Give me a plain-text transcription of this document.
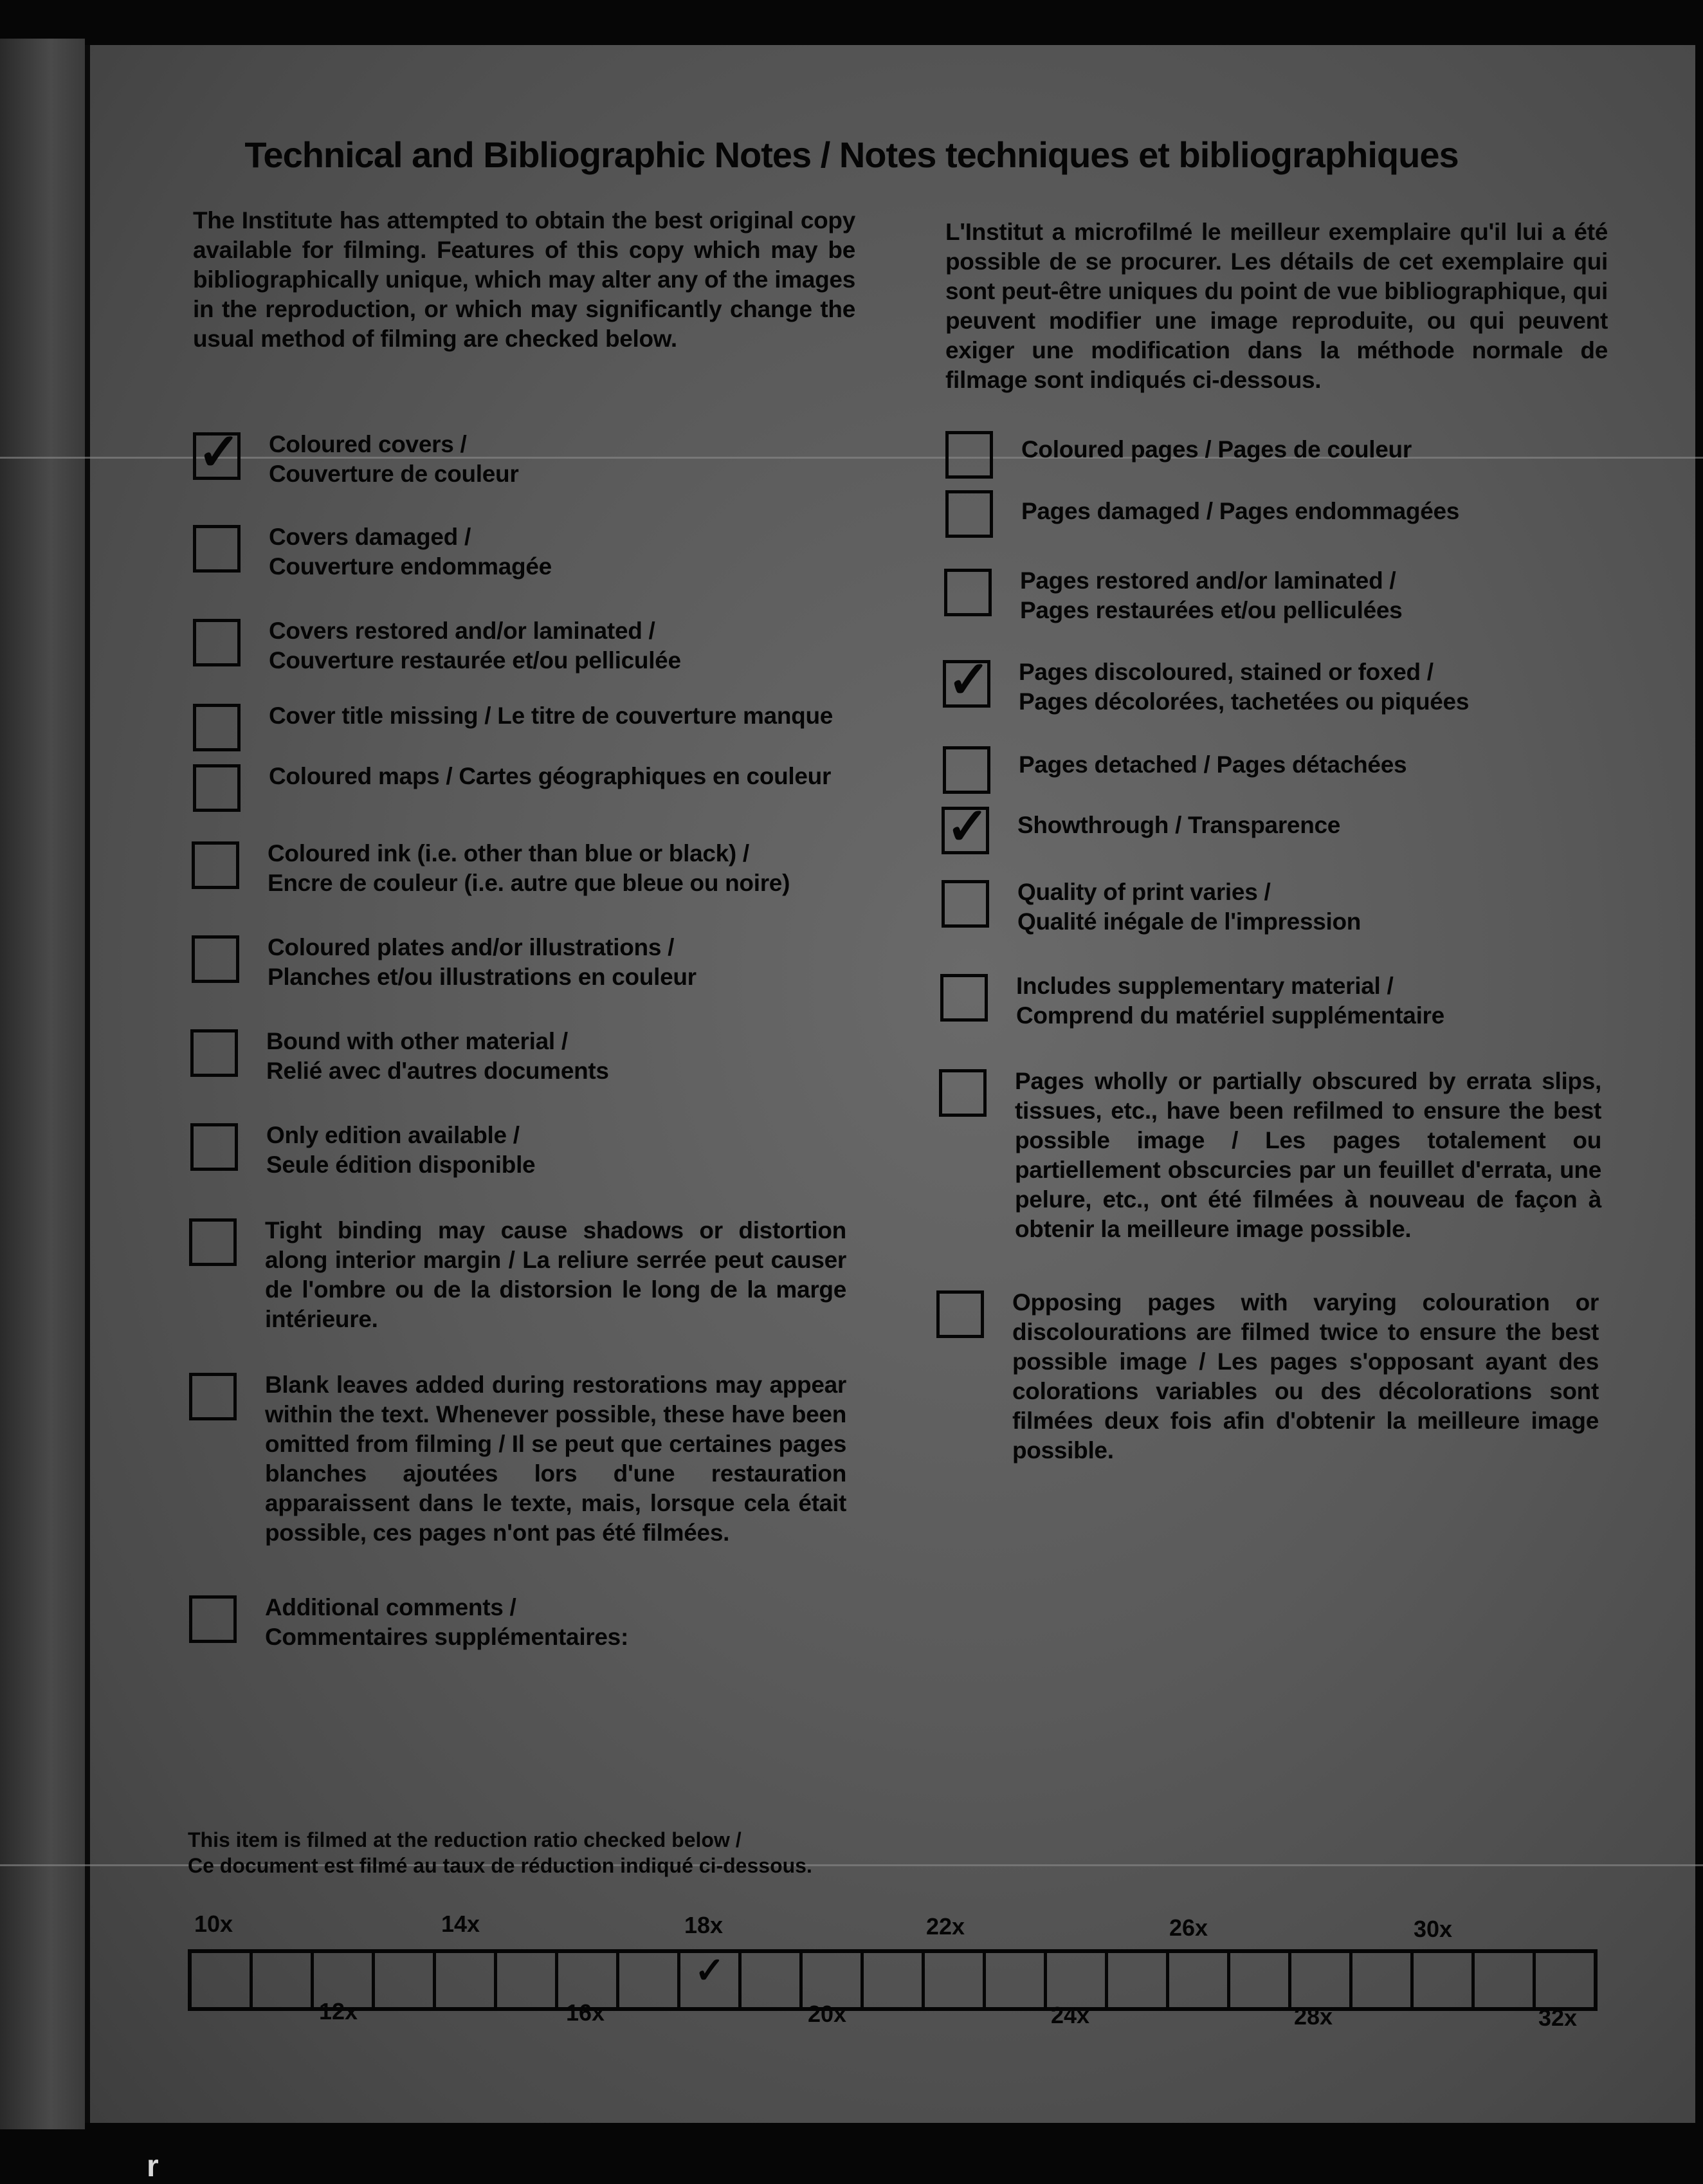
Technical and Bibliographic Notes / Notes techniques et bibliographiques
The Institute has attempted to obtain the best original copy available for filming. Features of this copy which may be bibliographically unique, which may alter any of the images in the reproduction, or which may significantly change the usual method of filming are checked below.
L'Institut a microfilmé le meilleur exemplaire qu'il lui a été possible de se procurer. Les détails de cet exemplaire qui sont peut-être uniques du point de vue bibliographique, qui peuvent modifier une image reproduite, ou qui peuvent exiger une modification dans la méthode normale de filmage sont indiqués ci-dessous.
✓ Coloured covers /
Couverture de couleur
Covers damaged /
Couverture endommagée
Covers restored and/or laminated /
Couverture restaurée et/ou pelliculée
Cover title missing / Le titre de couverture manque
Coloured maps / Cartes géographiques en couleur
Coloured ink (i.e. other than blue or black) /
Encre de couleur (i.e. autre que bleue ou noire)
Coloured plates and/or illustrations /
Planches et/ou illustrations en couleur
Bound with other material /
Relié avec d'autres documents
Only edition available /
Seule édition disponible
Tight binding may cause shadows or distortion along interior margin / La reliure serrée peut causer de l'ombre ou de la distorsion le long de la marge intérieure.
Blank leaves added during restorations may appear within the text. Whenever possible, these have been omitted from filming / Il se peut que certaines pages blanches ajoutées lors d'une restauration apparaissent dans le texte, mais, lorsque cela était possible, ces pages n'ont pas été filmées.
Additional comments /
Commentaires supplémentaires:
Coloured pages / Pages de couleur
Pages damaged / Pages endommagées
Pages restored and/or laminated /
Pages restaurées et/ou pelliculées
✓ Pages discoloured, stained or foxed /
Pages décolorées, tachetées ou piquées
Pages detached / Pages détachées
✓ Showthrough / Transparence
Quality of print varies /
Qualité inégale de l'impression
Includes supplementary material /
Comprend du matériel supplémentaire
Pages wholly or partially obscured by errata slips, tissues, etc., have been refilmed to ensure the best possible image / Les pages totalement ou partiellement obscurcies par un feuillet d'errata, une pelure, etc., ont été filmées à nouveau de façon à obtenir la meilleure image possible.
Opposing pages with varying colouration or discolourations are filmed twice to ensure the best possible image / Les pages s'opposant ayant des colorations variables ou des décolorations sont filmées deux fois afin d'obtenir la meilleure image possible.
This item is filmed at the reduction ratio checked below /
Ce document est filmé au taux de réduction indiqué ci-dessous.
10x	14x	18x	22x	26x	30x
✓
12x	16x	20x	24x	28x	32x
r
